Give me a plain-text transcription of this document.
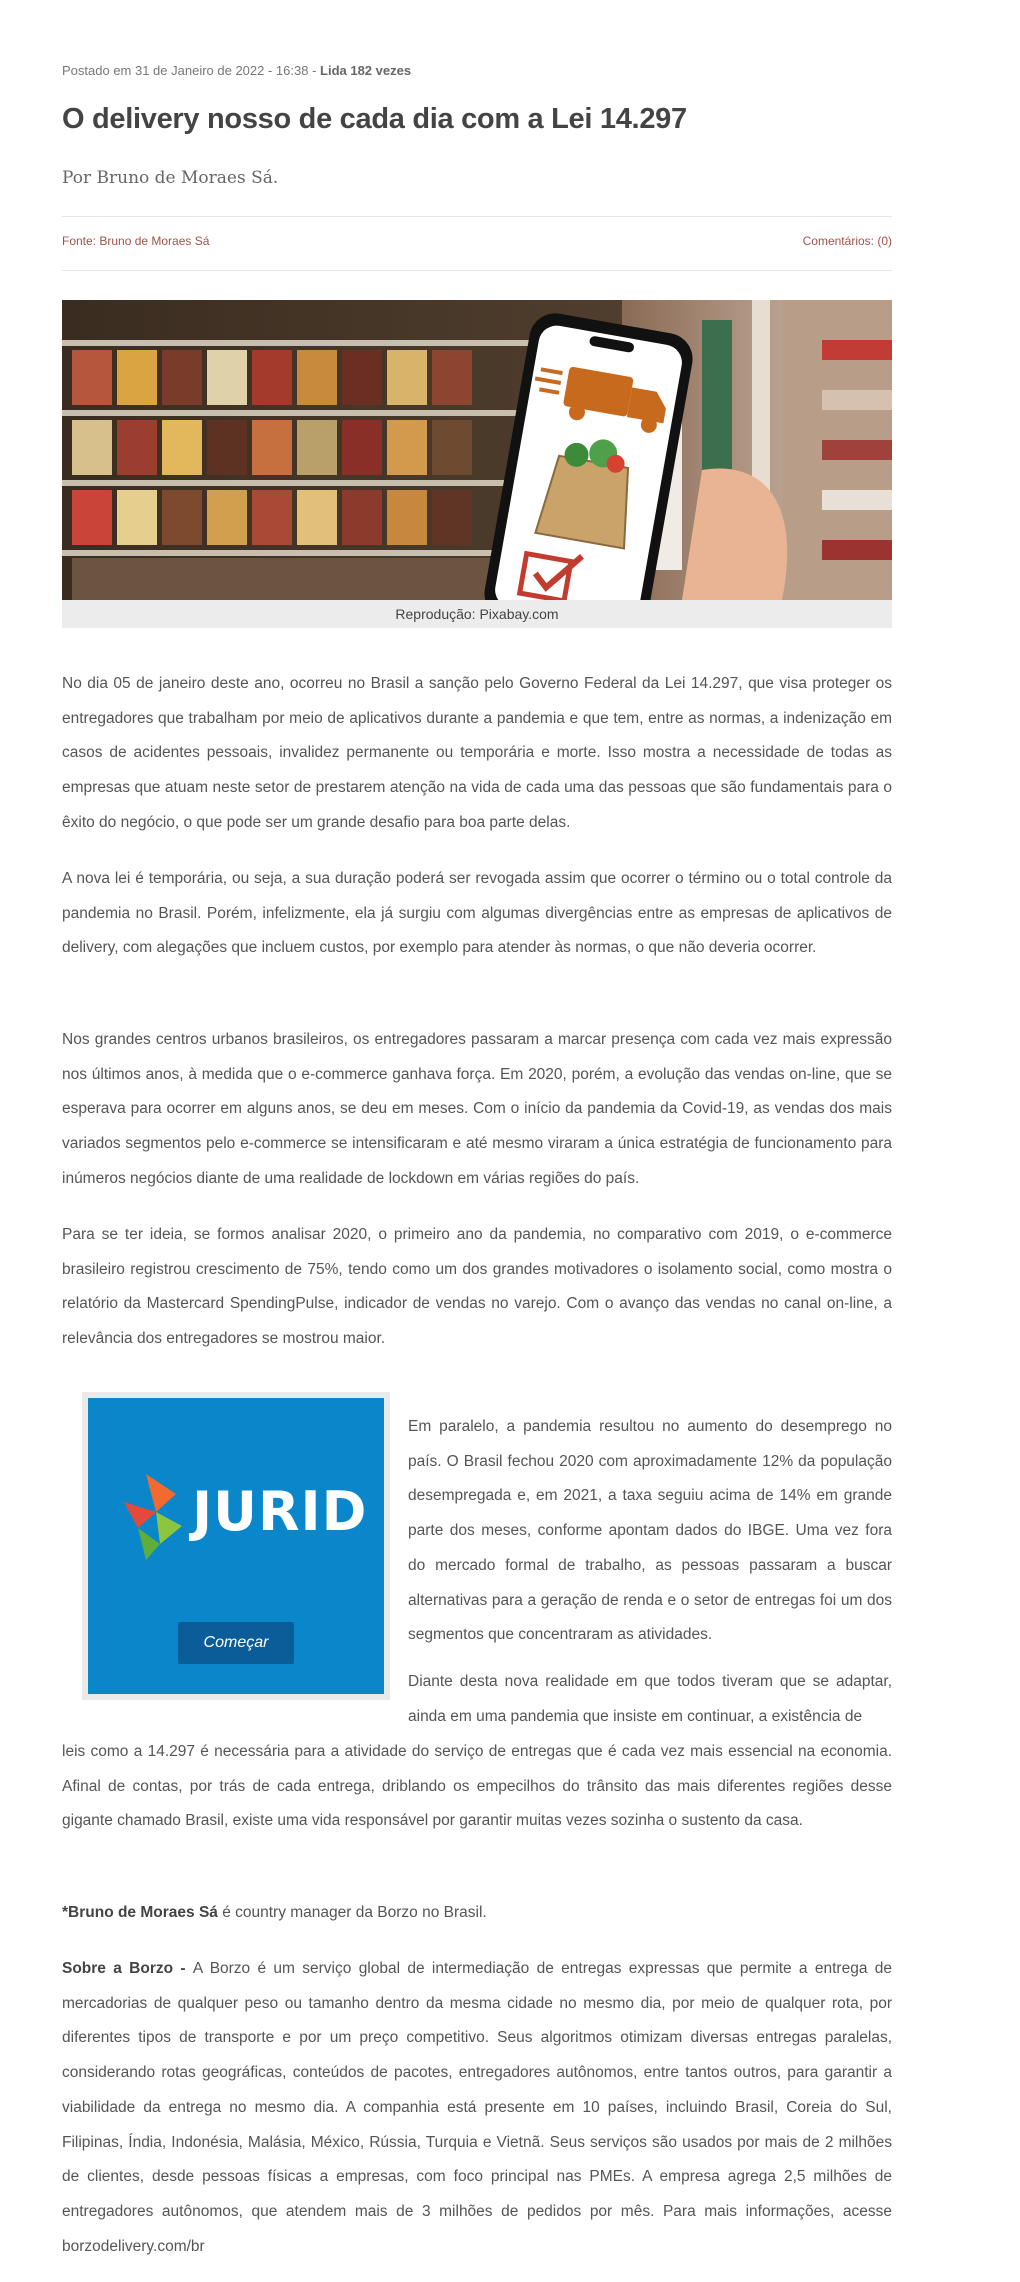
Postado em 31 de Janeiro de 2022 - 16:38 - Lida 182 vezes
O delivery nosso de cada dia com a Lei 14.297
Por Bruno de Moraes Sá.
Fonte: Bruno de Moraes Sá	Comentários: (0)
Reprodução: Pixabay.com

No dia 05 de janeiro deste ano, ocorreu no Brasil a sanção pelo Governo Federal da Lei 14.297, que visa proteger os entregadores que trabalham por meio de aplicativos durante a pandemia e que tem, entre as normas, a indenização em casos de acidentes pessoais, invalidez permanente ou temporária e morte. Isso mostra a necessidade de todas as empresas que atuam neste setor de prestarem atenção na vida de cada uma das pessoas que são fundamentais para o êxito do negócio, o que pode ser um grande desafio para boa parte delas.

A nova lei é temporária, ou seja, a sua duração poderá ser revogada assim que ocorrer o término ou o total controle da pandemia no Brasil. Porém, infelizmente, ela já surgiu com algumas divergências entre as empresas de aplicativos de delivery, com alegações que incluem custos, por exemplo para atender às normas, o que não deveria ocorrer.

Nos grandes centros urbanos brasileiros, os entregadores passaram a marcar presença com cada vez mais expressão nos últimos anos, à medida que o e-commerce ganhava força. Em 2020, porém, a evolução das vendas on-line, que se esperava para ocorrer em alguns anos, se deu em meses. Com o início da pandemia da Covid-19, as vendas dos mais variados segmentos pelo e-commerce se intensificaram e até mesmo viraram a única estratégia de funcionamento para inúmeros negócios diante de uma realidade de lockdown em várias regiões do país.

Para se ter ideia, se formos analisar 2020, o primeiro ano da pandemia, no comparativo com 2019, o e-commerce brasileiro registrou crescimento de 75%, tendo como um dos grandes motivadores o isolamento social, como mostra o relatório da Mastercard SpendingPulse, indicador de vendas no varejo. Com o avanço das vendas no canal on-line, a relevância dos entregadores se mostrou maior.

JURID
Começar

Em paralelo, a pandemia resultou no aumento do desemprego no país. O Brasil fechou 2020 com aproximadamente 12% da população desempregada e, em 2021, a taxa seguiu acima de 14% em grande parte dos meses, conforme apontam dados do IBGE. Uma vez fora do mercado formal de trabalho, as pessoas passaram a buscar alternativas para a geração de renda e o setor de entregas foi um dos segmentos que concentraram as atividades.

Diante desta nova realidade em que todos tiveram que se adaptar, ainda em uma pandemia que insiste em continuar, a existência de

leis como a 14.297 é necessária para a atividade do serviço de entregas que é cada vez mais essencial na economia. Afinal de contas, por trás de cada entrega, driblando os empecilhos do trânsito das mais diferentes regiões desse gigante chamado Brasil, existe uma vida responsável por garantir muitas vezes sozinha o sustento da casa.

*Bruno de Moraes Sá é country manager da Borzo no Brasil.

Sobre a Borzo - A Borzo é um serviço global de intermediação de entregas expressas que permite a entrega de mercadorias de qualquer peso ou tamanho dentro da mesma cidade no mesmo dia, por meio de qualquer rota, por diferentes tipos de transporte e por um preço competitivo. Seus algoritmos otimizam diversas entregas paralelas, considerando rotas geográficas, conteúdos de pacotes, entregadores autônomos, entre tantos outros, para garantir a viabilidade da entrega no mesmo dia. A companhia está presente em 10 países, incluindo Brasil, Coreia do Sul, Filipinas, Índia, Indonésia, Malásia, México, Rússia, Turquia e Vietnã. Seus serviços são usados por mais de 2 milhões de clientes, desde pessoas físicas a empresas, com foco principal nas PMEs. A empresa agrega 2,5 milhões de entregadores autônomos, que atendem mais de 3 milhões de pedidos por mês. Para mais informações, acesse borzodelivery.com/br
